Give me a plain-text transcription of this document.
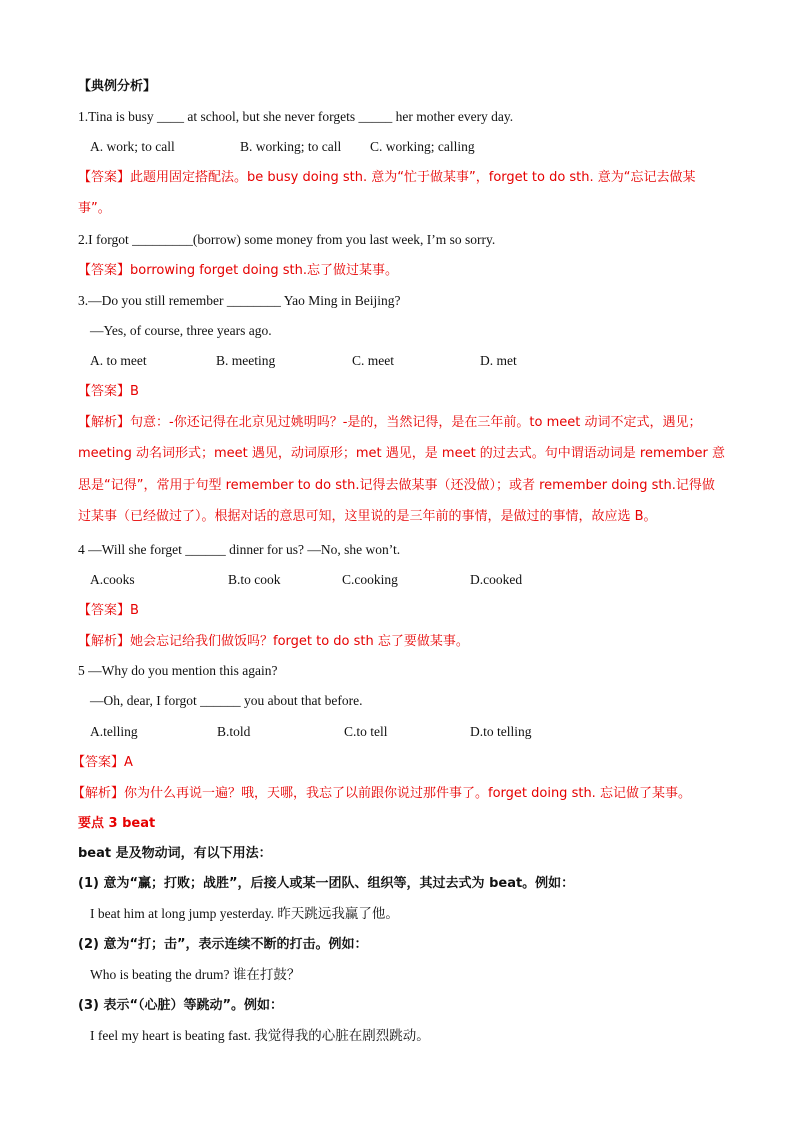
【典例分析】
1.Tina is busy ____ at school, but she never forgets _____ her mother every day.
A. work; to call	B. working; to call C. working; calling
【答案】此题用固定搭配法。be busy doing sth. 意为“忙于做某事”，forget to do sth. 意为“忘记去做某
事”。
2.I forgot _________(borrow) some money from you last week, I’m so sorry.
【答案】borrowing forget doing sth.忘了做过某事。
3.—Do you still remember ________ Yao Ming in Beijing?
—Yes, of course, three years ago.
A. to meet	B. meeting	C. meet	D. met
【答案】B
【解析】句意：-你还记得在北京见过姚明吗？-是的，当然记得，是在三年前。to meet 动词不定式，遇见；
meeting 动名词形式；meet 遇见，动词原形；met 遇见，是 meet 的过去式。句中谓语动词是 remember 意
思是“记得”，常用于句型 remember to do sth.记得去做某事（还没做）；或者 remember doing sth.记得做
过某事（已经做过了）。根据对话的意思可知，这里说的是三年前的事情，是做过的事情，故应选 B。
4 —Will she forget ______ dinner for us? —No, she won’t.
A.cooks	B.to cook	C.cooking	D.cooked
【答案】B
【解析】她会忘记给我们做饭吗？forget to do sth 忘了要做某事。
5 —Why do you mention this again?
—Oh, dear, I forgot ______ you about that before.
A.telling	B.told	C.to tell	D.to telling
【答案】A
【解析】你为什么再说一遍？哦，天哪，我忘了以前跟你说过那件事了。forget doing sth. 忘记做了某事。
要点 3 beat
beat 是及物动词，有以下用法：
(1) 意为“赢；打败；战胜”，后接人或某一团队、组织等，其过去式为 beat。例如：
I beat him at long jump yesterday. 昨天跳远我赢了他。
(2) 意为“打；击”，表示连续不断的打击。例如：
Who is beating the drum? 谁在打鼓？
(3) 表示“（心脏）等跳动”。例如：
I feel my heart is beating fast. 我觉得我的心脏在剧烈跳动。
